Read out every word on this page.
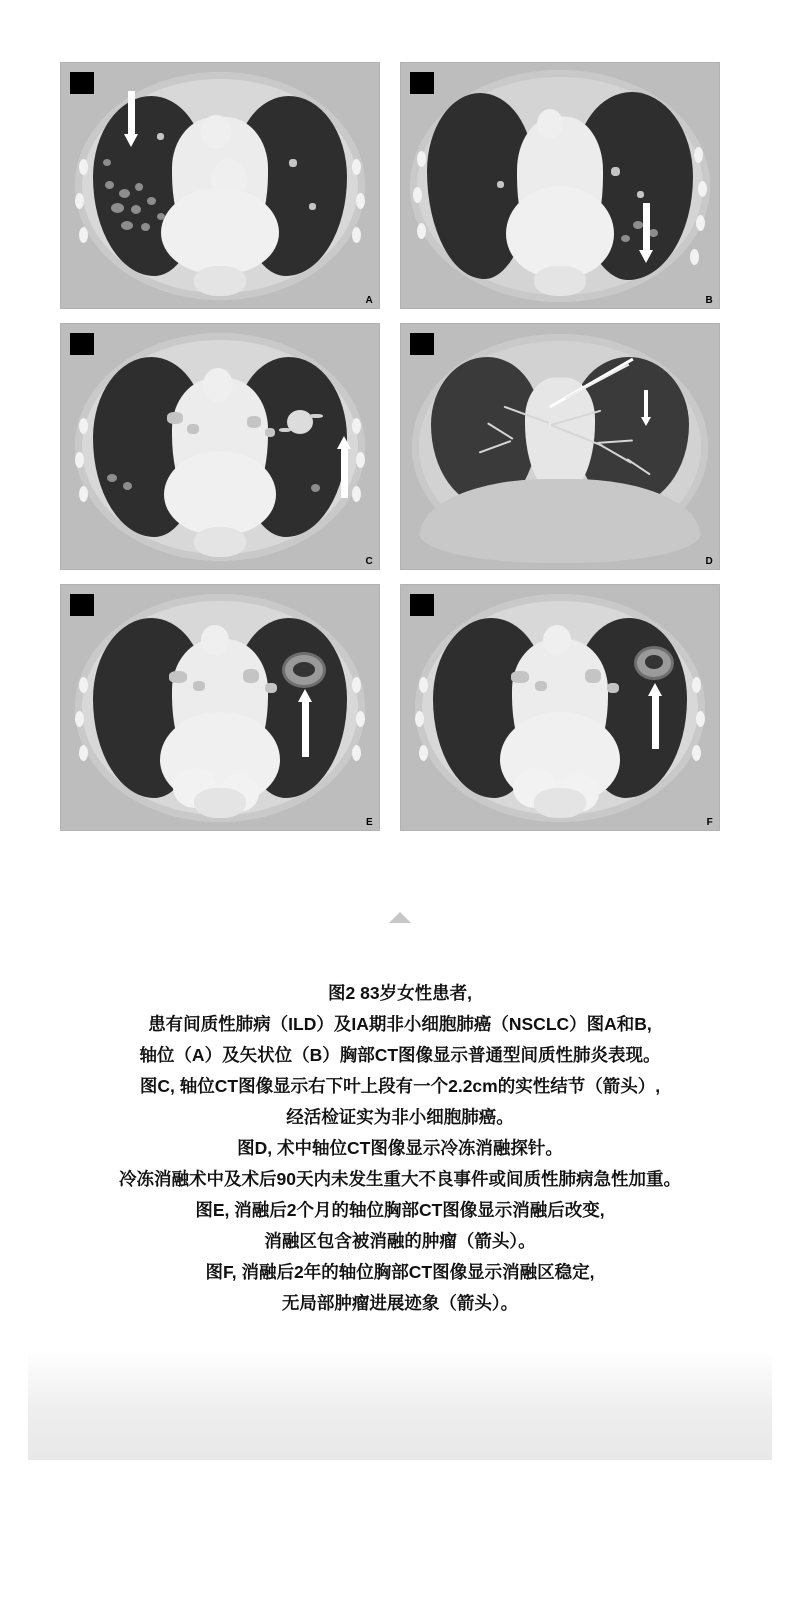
A	B
C	D
E	F
图2 83岁女性患者,
患有间质性肺病（ILD）及IA期非小细胞肺癌（NSCLC）图A和B,
轴位（A）及矢状位（B）胸部CT图像显示普通型间质性肺炎表现。
图C, 轴位CT图像显示右下叶上段有一个2.2cm的实性结节（箭头）,
经活检证实为非小细胞肺癌。
图D, 术中轴位CT图像显示冷冻消融探针。
冷冻消融术中及术后90天内未发生重大不良事件或间质性肺病急性加重。
图E, 消融后2个月的轴位胸部CT图像显示消融后改变,
消融区包含被消融的肿瘤（箭头）。
图F, 消融后2年的轴位胸部CT图像显示消融区稳定,
无局部肿瘤进展迹象（箭头）。
